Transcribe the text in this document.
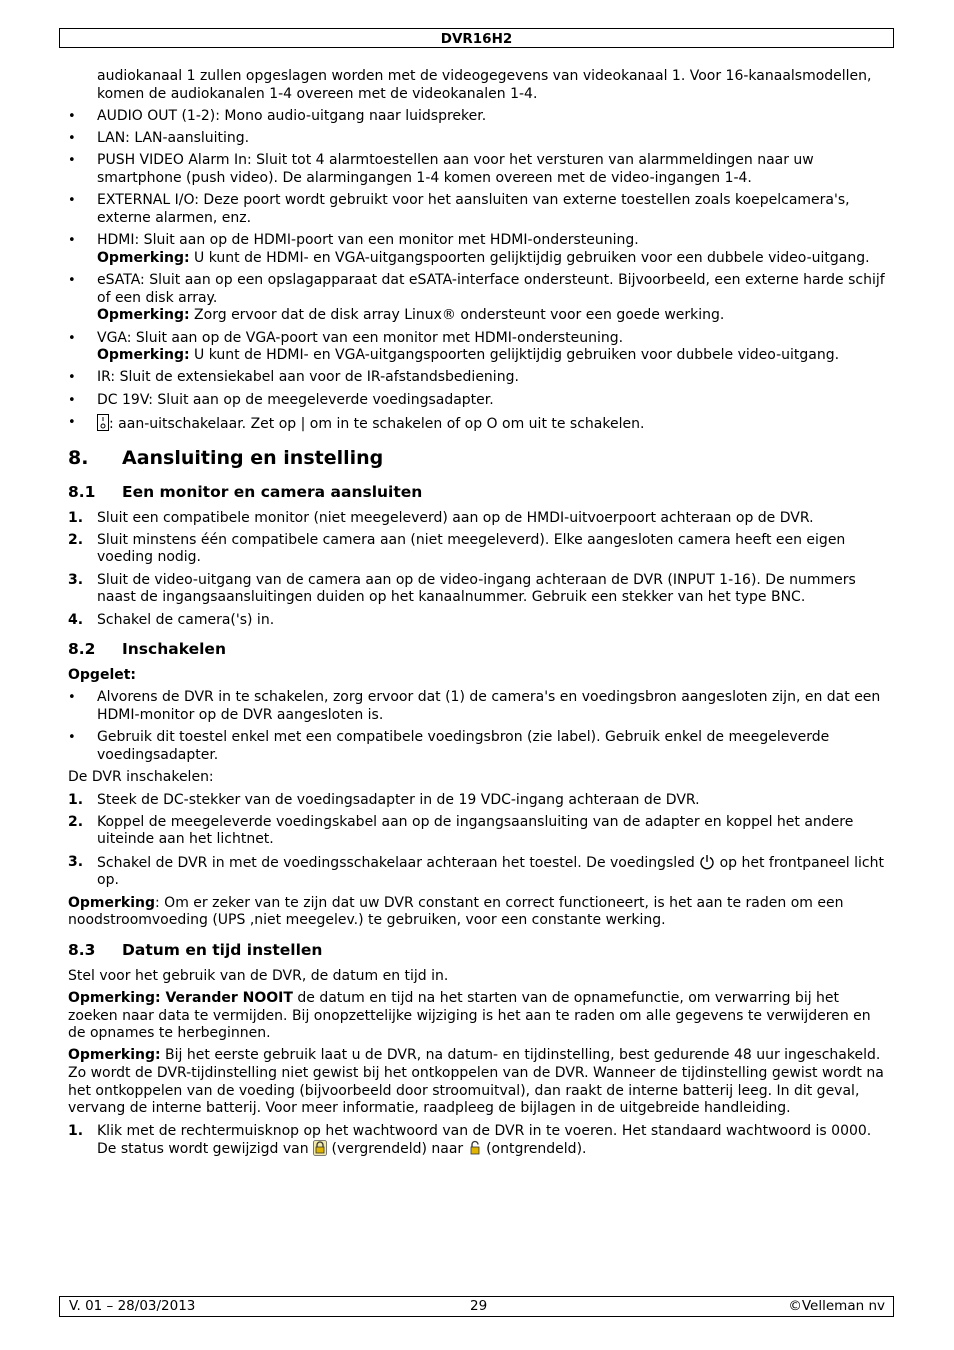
DVR16H2
audiokanaal 1 zullen opgeslagen worden met de videogegevens van videokanaal 1. Voor 16-kanaalsmodellen, komen de audiokanalen 1-4 overeen met de videokanalen 1-4.
• AUDIO OUT (1-2): Mono audio-uitgang naar luidspreker.
• LAN: LAN-aansluiting.
• PUSH VIDEO Alarm In: Sluit tot 4 alarmtoestellen aan voor het versturen van alarmmeldingen naar uw smartphone (push video). De alarmingangen 1-4 komen overeen met de video-ingangen 1-4.
• EXTERNAL I/O: Deze poort wordt gebruikt voor het aansluiten van externe toestellen zoals koepelcamera's, externe alarmen, enz.
• HDMI: Sluit aan op de HDMI-poort van een monitor met HDMI-ondersteuning.
Opmerking: U kunt de HDMI- en VGA-uitgangspoorten gelijktijdig gebruiken voor een dubbele video-uitgang.
• eSATA: Sluit aan op een opslagapparaat dat eSATA-interface ondersteunt. Bijvoorbeeld, een externe harde schijf of een disk array.
Opmerking: Zorg ervoor dat de disk array Linux® ondersteunt voor een goede werking.
• VGA: Sluit aan op de VGA-poort van een monitor met HDMI-ondersteuning.
Opmerking: U kunt de HDMI- en VGA-uitgangspoorten gelijktijdig gebruiken voor dubbele video-uitgang.
• IR: Sluit de extensiekabel aan voor de IR-afstandsbediening.
• DC 19V: Sluit aan op de meegeleverde voedingsadapter.
• : aan-uitschakelaar. Zet op | om in te schakelen of op O om uit te schakelen.
8. Aansluiting en instelling
8.1 Een monitor en camera aansluiten
1. Sluit een compatibele monitor (niet meegeleverd) aan op de HMDI-uitvoerpoort achteraan op de DVR.
2. Sluit minstens één compatibele camera aan (niet meegeleverd). Elke aangesloten camera heeft een eigen voeding nodig.
3. Sluit de video-uitgang van de camera aan op de video-ingang achteraan de DVR (INPUT 1-16). De nummers naast de ingangsaansluitingen duiden op het kanaalnummer. Gebruik een stekker van het type BNC.
4. Schakel de camera('s) in.
8.2 Inschakelen
Opgelet:
• Alvorens de DVR in te schakelen, zorg ervoor dat (1) de camera's en voedingsbron aangesloten zijn, en dat een HDMI-monitor op de DVR aangesloten is.
• Gebruik dit toestel enkel met een compatibele voedingsbron (zie label). Gebruik enkel de meegeleverde voedingsadapter.
De DVR inschakelen:
1. Steek de DC-stekker van de voedingsadapter in de 19 VDC-ingang achteraan de DVR.
2. Koppel de meegeleverde voedingskabel aan op de ingangsaansluiting van de adapter en koppel het andere uiteinde aan het lichtnet.
3. Schakel de DVR in met de voedingsschakelaar achteraan het toestel. De voedingsled  op het frontpaneel licht op.
Opmerking: Om er zeker van te zijn dat uw DVR constant en correct functioneert, is het aan te raden om een noodstroomvoeding (UPS ,niet meegelev.) te gebruiken, voor een constante werking.
8.3 Datum en tijd instellen
Stel voor het gebruik van de DVR, de datum en tijd in.
Opmerking: Verander NOOIT de datum en tijd na het starten van de opnamefunctie, om verwarring bij het zoeken naar data te vermijden. Bij onopzettelijke wijziging is het aan te raden om alle gegevens te verwijderen en de opnames te herbeginnen.
Opmerking: Bij het eerste gebruik laat u de DVR, na datum- en tijdinstelling, best gedurende 48 uur ingeschakeld. Zo wordt de DVR-tijdinstelling niet gewist bij het ontkoppelen van de DVR. Wanneer de tijdinstelling gewist wordt na het ontkoppelen van de voeding (bijvoorbeeld door stroomuitval), dan raakt de interne batterij leeg. In dit geval, vervang de interne batterij. Voor meer informatie, raadpleeg de bijlagen in de uitgebreide handleiding.
1. Klik met de rechtermuisknop op het wachtwoord van de DVR in te voeren. Het standaard wachtwoord is 0000.
De status wordt gewijzigd van  (vergrendeld) naar  (ontgrendeld).
V. 01 – 28/03/2013	29	©Velleman nv
